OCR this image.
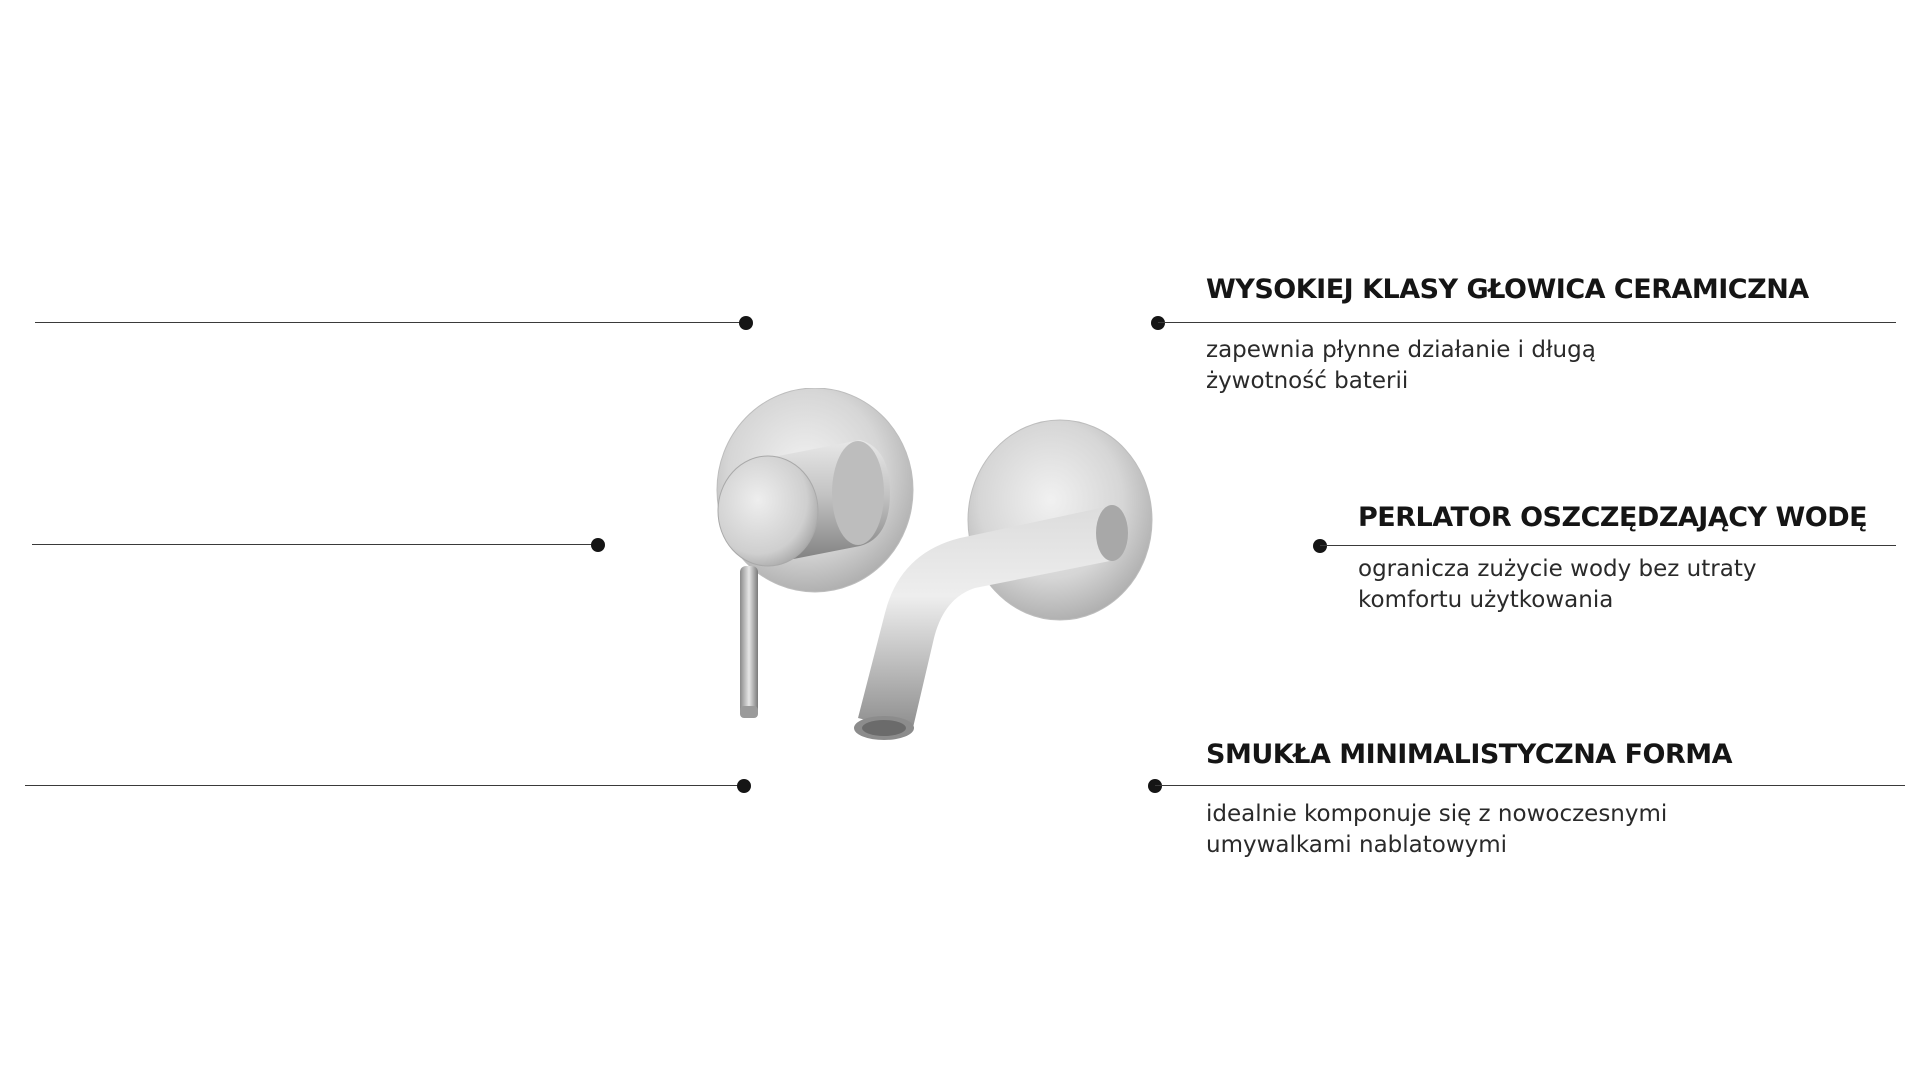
WYSOKIEJ KLASY GŁOWICA CERAMICZNA
zapewnia płynne działanie i długą
żywotność baterii
PERLATOR OSZCZĘDZAJĄCY WODĘ
ogranicza zużycie wody bez utraty
komfortu użytkowania
SMUKŁA MINIMALISTYCZNA FORMA
idealnie komponuje się z nowoczesnymi
umywalkami nablatowymi
